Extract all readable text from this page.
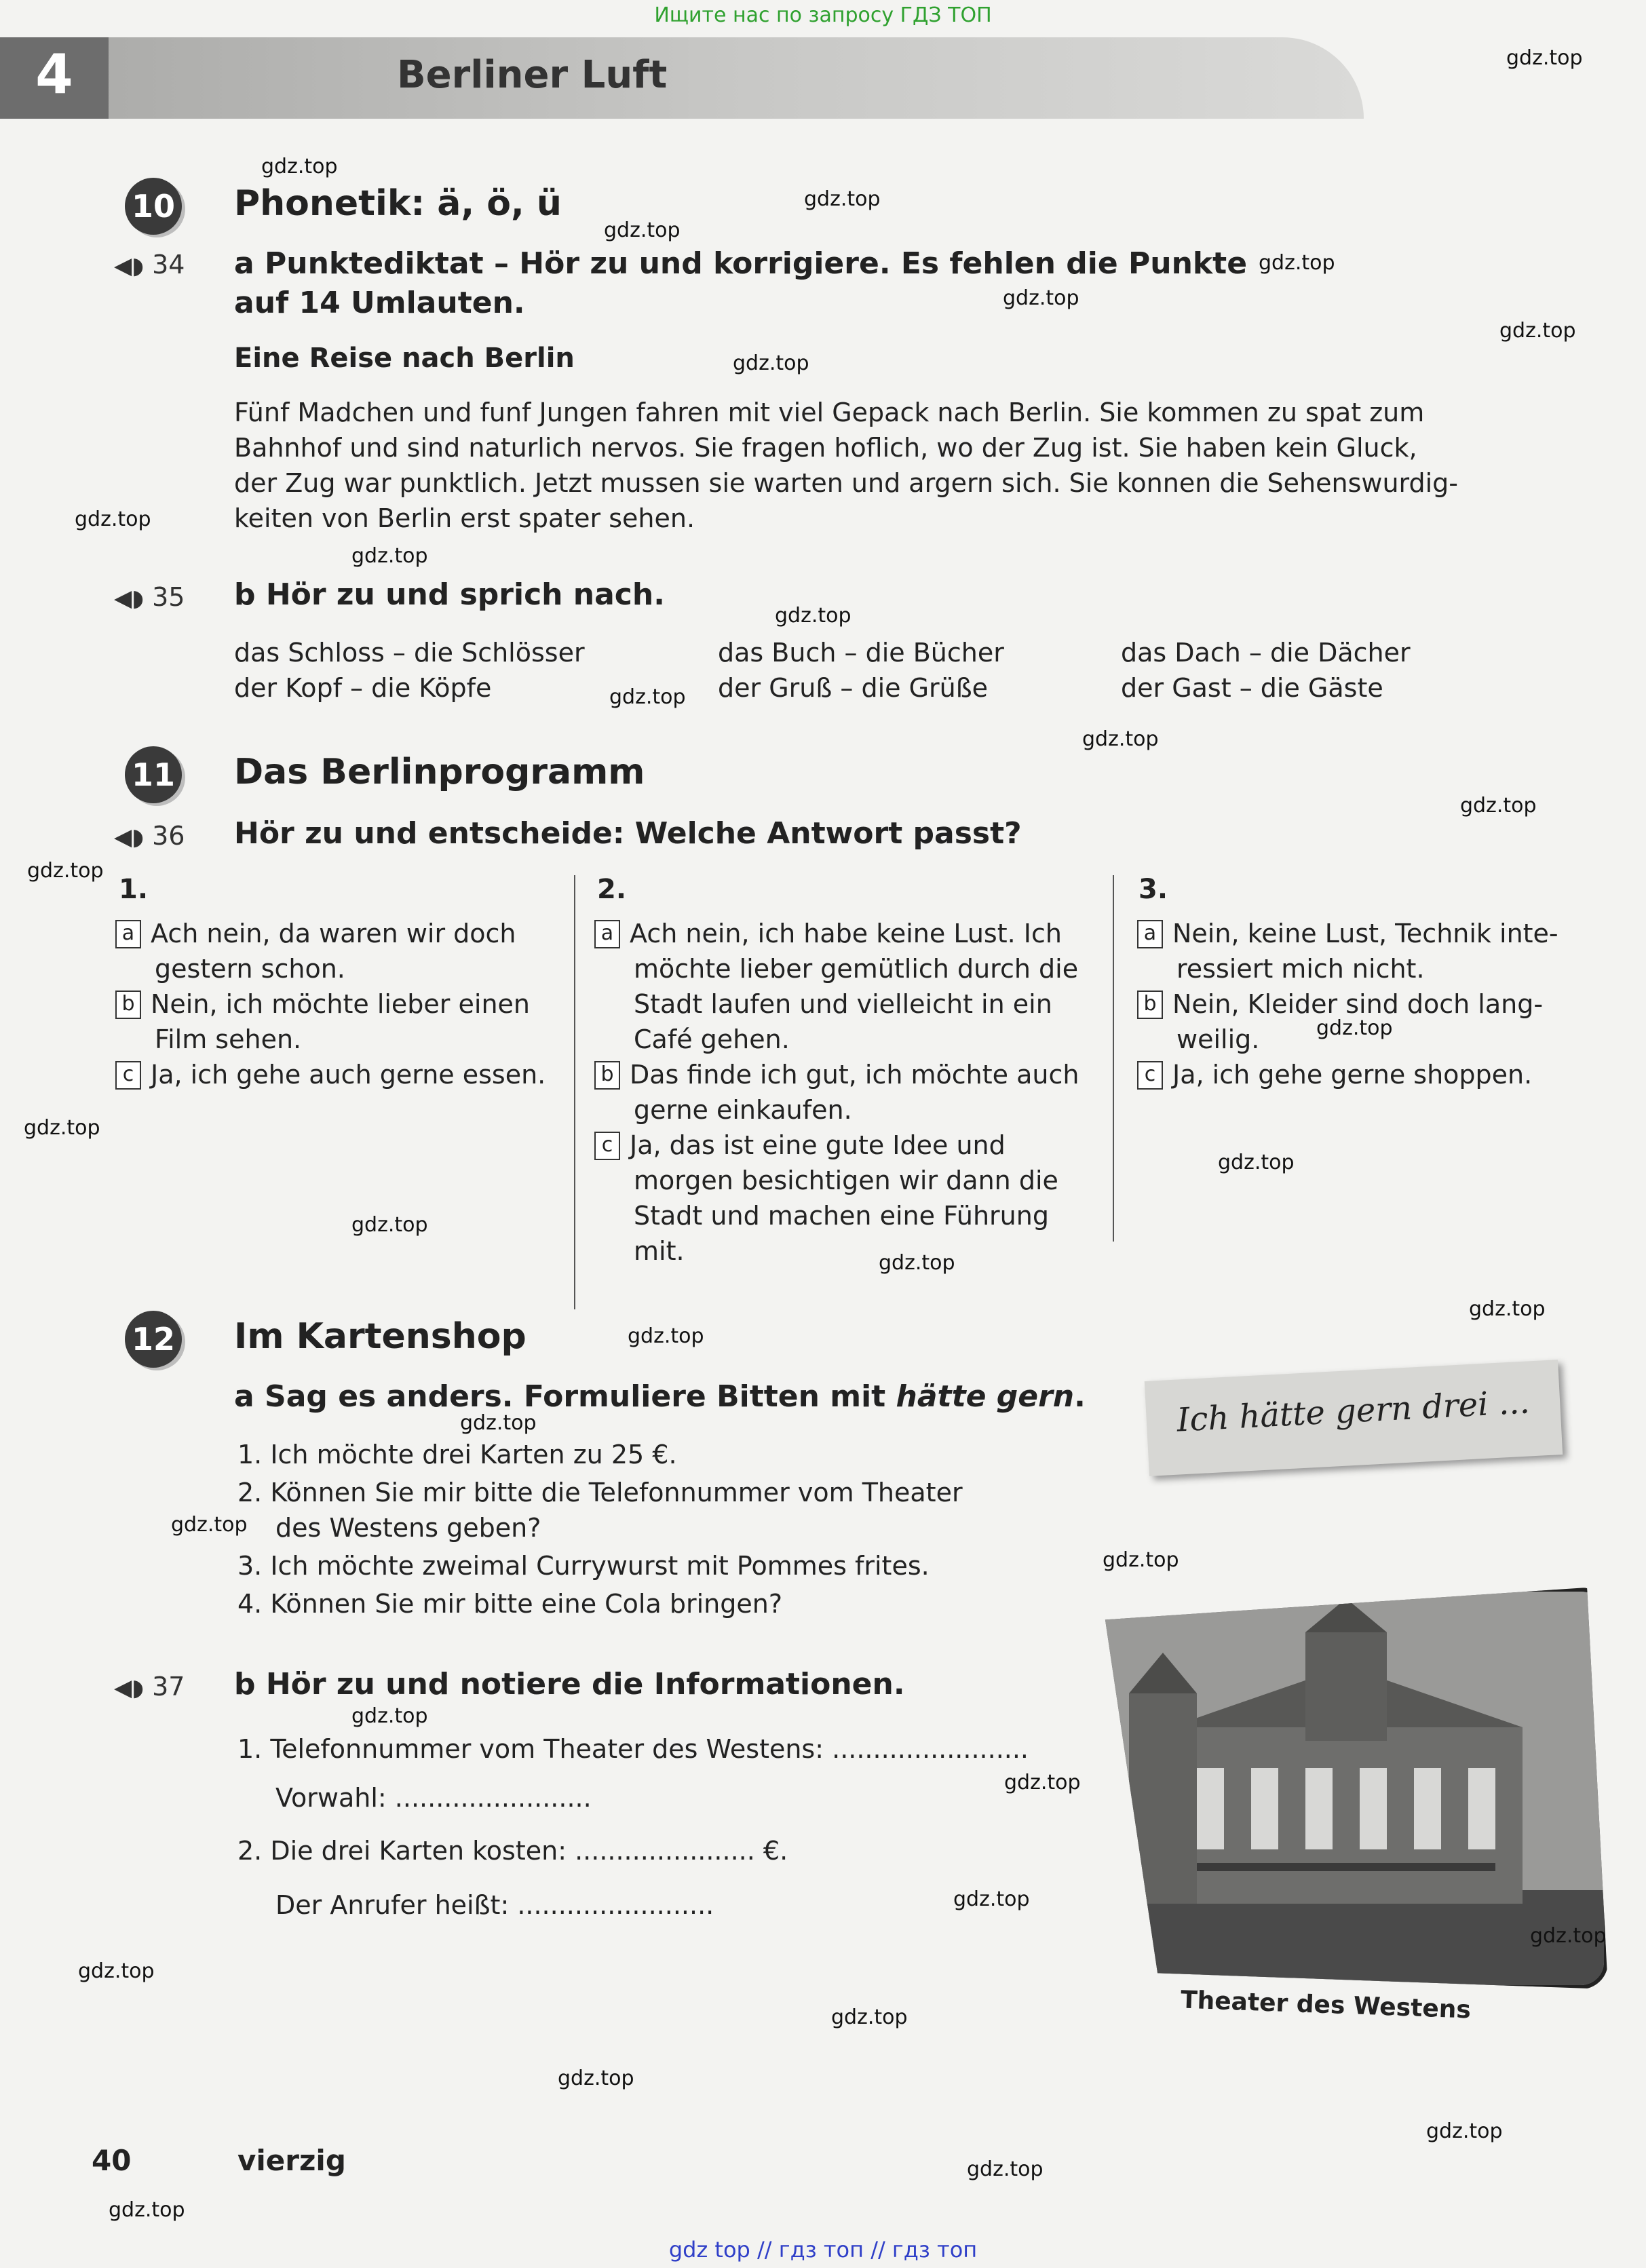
Ищите нас по запросу ГДЗ ТОП
4	Berliner Luft
10 Phonetik: ä, ö, ü
◀◗ 34 a Punktediktat – Hör zu und korrigiere. Es fehlen die Punkte
auf 14 Umlauten.
Eine Reise nach Berlin
Fünf Madchen und funf Jungen fahren mit viel Gepack nach Berlin. Sie kommen zu spat zum
Bahnhof und sind naturlich nervos. Sie fragen hoflich, wo der Zug ist. Sie haben kein Gluck,
der Zug war punktlich. Jetzt mussen sie warten und argern sich. Sie konnen die Sehenswurdig-
keiten von Berlin erst spater sehen.
◀◗ 35 b Hör zu und sprich nach.
das Schloss – die Schlösser
der Kopf – die Köpfe
das Buch – die Bücher
der Gruß – die Grüße
das Dach – die Dächer
der Gast – die Gäste
11 Das Berlinprogramm
◀◗ 36 Hör zu und entscheide: Welche Antwort passt?
1.
a Ach nein, da waren wir doch
gestern schon.
b Nein, ich möchte lieber einen
Film sehen.
c Ja, ich gehe auch gerne essen.
2.
a Ach nein, ich habe keine Lust. Ich
möchte lieber gemütlich durch die
Stadt laufen und vielleicht in ein
Café gehen.
b Das finde ich gut, ich möchte auch
gerne einkaufen.
c Ja, das ist eine gute Idee und
morgen besichtigen wir dann die
Stadt und machen eine Führung
mit.
3.
a Nein, keine Lust, Technik inte-
ressiert mich nicht.
b Nein, Kleider sind doch lang-
weilig.
c Ja, ich gehe gerne shoppen.
12 Im Kartenshop
a Sag es anders. Formuliere Bitten mit hätte gern.
1. Ich möchte drei Karten zu 25 €.
2. Können Sie mir bitte die Telefonnummer vom Theater
des Westens geben?
3. Ich möchte zweimal Currywurst mit Pommes frites.
4. Können Sie mir bitte eine Cola bringen?
Ich hätte gern drei ...
◀◗ 37 b Hör zu und notiere die Informationen.
1. Telefonnummer vom Theater des Westens: ........................
Vorwahl: ........................
2. Die drei Karten kosten: ...................... €.
Der Anrufer heißt: ........................
Theater des Westens
40	vierzig
gdz.top
gdz.top
gdz.top
gdz.top
gdz.top
gdz.top
gdz.top
gdz.top
gdz.top
gdz.top
gdz.top
gdz.top
gdz.top
gdz.top
gdz.top
gdz.top
gdz.top
gdz.top
gdz.top
gdz.top
gdz.top
gdz.top
gdz.top
gdz.top
gdz.top
gdz.top
gdz.top
gdz.top
gdz.top
gdz.top
gdz.top
gdz.top
gdz.top
gdz.top
gdz.top
gdz top // гдз топ // гдз топ
